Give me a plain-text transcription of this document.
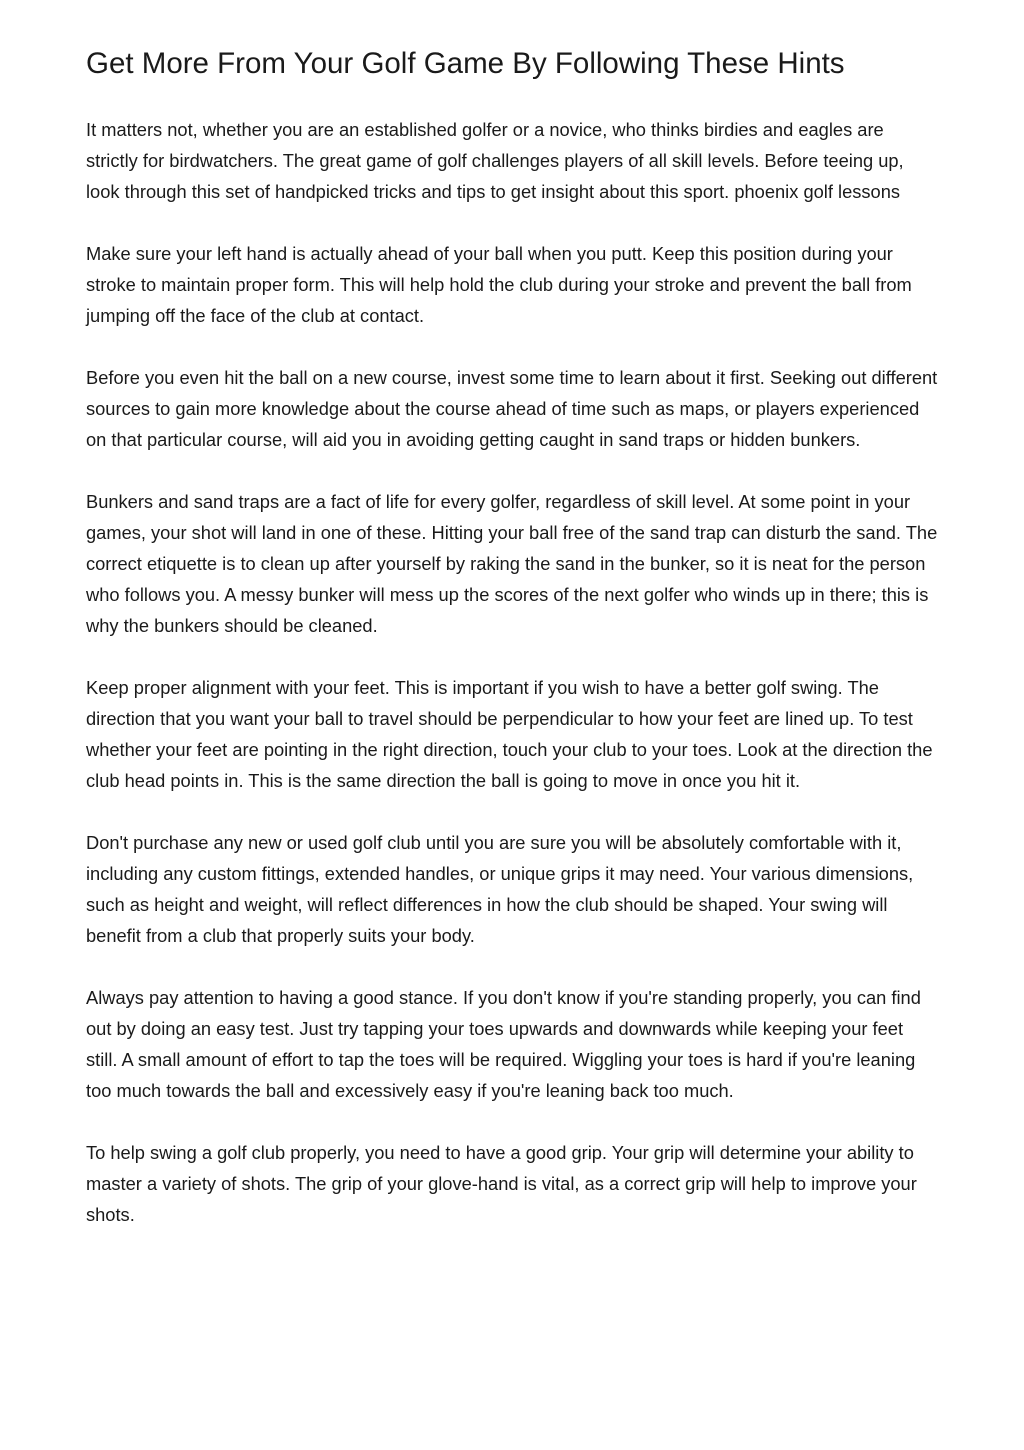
Get More From Your Golf Game By Following These Hints

It matters not, whether you are an established golfer or a novice, who thinks birdies and eagles are strictly for birdwatchers. The great game of golf challenges players of all skill levels. Before teeing up, look through this set of handpicked tricks and tips to get insight about this sport. phoenix golf lessons

Make sure your left hand is actually ahead of your ball when you putt. Keep this position during your stroke to maintain proper form. This will help hold the club during your stroke and prevent the ball from jumping off the face of the club at contact.

Before you even hit the ball on a new course, invest some time to learn about it first. Seeking out different sources to gain more knowledge about the course ahead of time such as maps, or players experienced on that particular course, will aid you in avoiding getting caught in sand traps or hidden bunkers.

Bunkers and sand traps are a fact of life for every golfer, regardless of skill level. At some point in your games, your shot will land in one of these. Hitting your ball free of the sand trap can disturb the sand. The correct etiquette is to clean up after yourself by raking the sand in the bunker, so it is neat for the person who follows you. A messy bunker will mess up the scores of the next golfer who winds up in there; this is why the bunkers should be cleaned.

Keep proper alignment with your feet. This is important if you wish to have a better golf swing. The direction that you want your ball to travel should be perpendicular to how your feet are lined up. To test whether your feet are pointing in the right direction, touch your club to your toes. Look at the direction the club head points in. This is the same direction the ball is going to move in once you hit it.

Don't purchase any new or used golf club until you are sure you will be absolutely comfortable with it, including any custom fittings, extended handles, or unique grips it may need. Your various dimensions, such as height and weight, will reflect differences in how the club should be shaped. Your swing will benefit from a club that properly suits your body.

Always pay attention to having a good stance. If you don't know if you're standing properly, you can find out by doing an easy test. Just try tapping your toes upwards and downwards while keeping your feet still. A small amount of effort to tap the toes will be required. Wiggling your toes is hard if you're leaning too much towards the ball and excessively easy if you're leaning back too much.

To help swing a golf club properly, you need to have a good grip. Your grip will determine your ability to master a variety of shots. The grip of your glove-hand is vital, as a correct grip will help to improve your shots.
